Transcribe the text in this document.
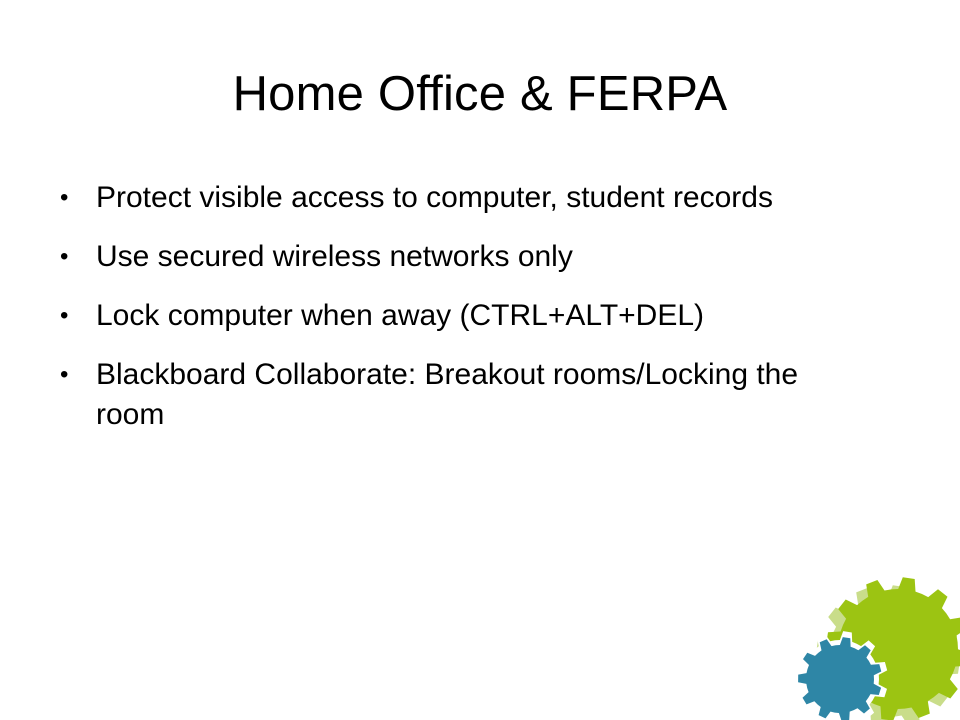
Home Office & FERPA
• Protect visible access to computer, student records
• Use secured wireless networks only
• Lock computer when away (CTRL+ALT+DEL)
• Blackboard Collaborate: Breakout rooms/Locking the room
